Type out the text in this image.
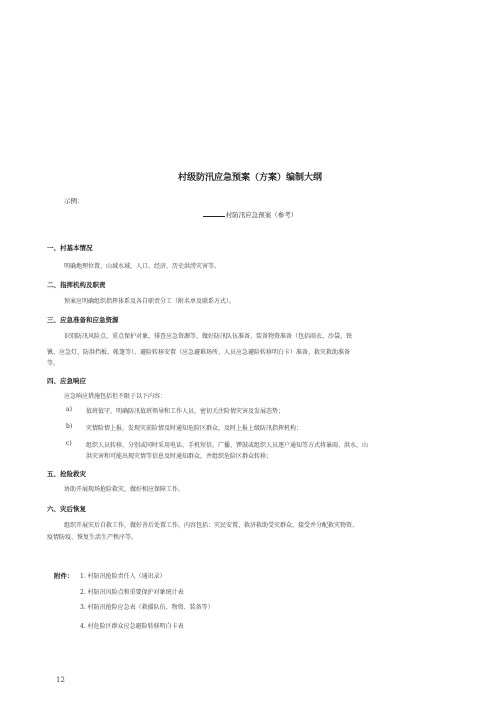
村级防汛应急预案（方案）编制大纲
示例：
村防汛应急预案（参考）
一、村基本情况
明确地理位置、山域水域、人口、经济、历史洪涝灾害等。
二、指挥机构及职责
预案应明确组织指挥体系及各自职责分工（附名单及联系方式）。
三、应急准备和应急资源
识别防汛风险点、重点保护对象，排查应急资源等，做好防汛队伍准备、装备物资准备（包括雨衣、沙袋、铁
锹、应急灯、防洪挡板、帐篷等）、避险转移安置（应急避难场所、人员应急避险转移明白卡）准备、救灾救助准备
等。
四、应急响应
应急响应措施包括但不限于以下内容：
a) 值班值守，明确防汛值班领导和工作人员，密切关注险情灾害及发展态势；
b) 灾情险情上报，发现灾前险情及时通知危险区群众，及时上报上级防汛指挥机构；
c) 组织人员转移，分别或同时采用电话、手机短信、广播、锣鼓或组织人员逐户通知等方式将暴雨、洪水、山
洪灾害和可能出现灾情等信息及时通知群众，并组织危险区群众转移；
五、抢险救灾
协助开展现场抢险救灾，做好相应保障工作。
六、灾后恢复
组织开展灾后自救工作，做好善后处置工作，内容包括：灾民安置、救济救助受灾群众、接受并分配救灾物资、
疫情防疫、恢复生活生产秩序等。
附件： 1. 村防汛抢险责任人（通讯录）
2. 村防汛风险点和重要保护对象统计表
3. 村防汛抢险应急表（救援队伍、物资、装备等）
4. 村危险区群众应急避险转移明白卡表
12
